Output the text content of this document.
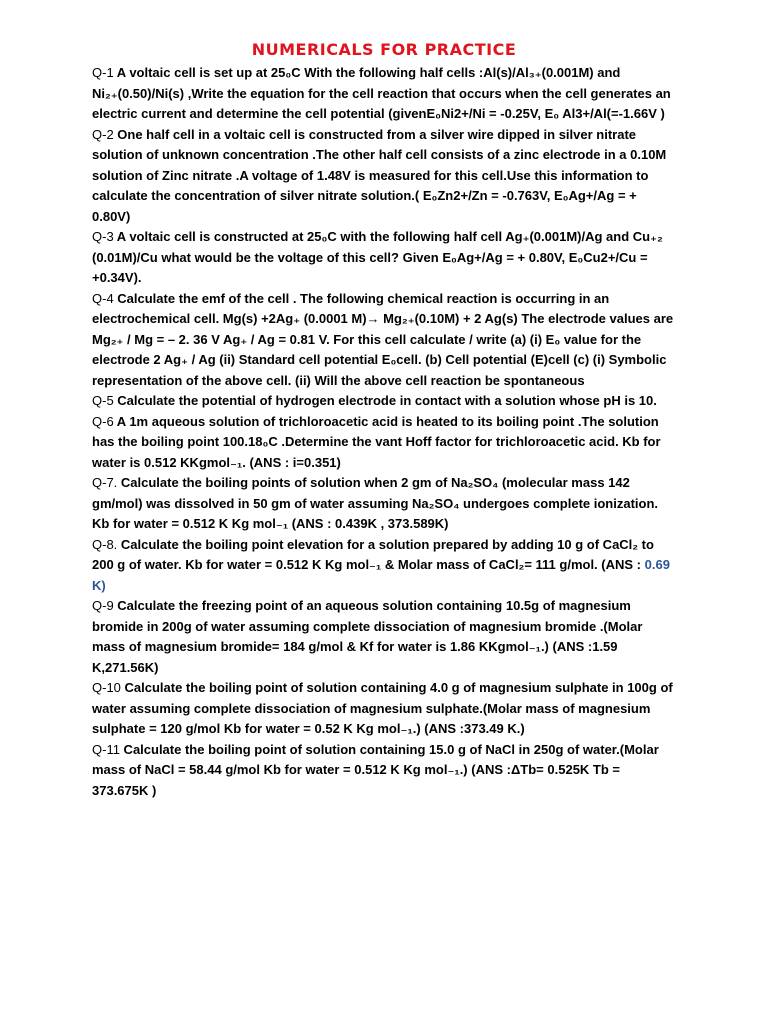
NUMERICALS FOR PRACTICE

Q-1 A voltaic cell is set up at 25₀C With the following half cells :Al(s)/Al₃₊(0.001M) and Ni₂₊(0.50)/Ni(s) ,Write the equation for the cell reaction that occurs when the cell generates an electric current and determine the cell potential (givenE₀Ni2+/Ni = -0.25V, E₀ Al3+/Al(=-1.66V )

Q-2 One half cell in a voltaic cell is constructed from a silver wire dipped in silver nitrate solution of unknown concentration .The other half cell consists of a zinc electrode in a 0.10M solution of Zinc nitrate .A voltage of 1.48V is measured for this cell.Use this information to calculate the concentration of silver nitrate solution.( E₀Zn2+/Zn = -0.763V, E₀Ag+/Ag = + 0.80V)

Q-3 A voltaic cell is constructed at 25₀C with the following half cell Ag₊(0.001M)/Ag and Cu₊₂ (0.01M)/Cu what would be the voltage of this cell? Given E₀Ag+/Ag = + 0.80V, E₀Cu2+/Cu = +0.34V).

Q-4 Calculate the emf of the cell . The following chemical reaction is occurring in an electrochemical cell. Mg(s) +2Ag₊ (0.0001 M)→ Mg₂₊(0.10M) + 2 Ag(s) The electrode values are Mg₂₊ / Mg = – 2. 36 V Ag₊ / Ag = 0.81 V. For this cell calculate / write (a) (i) E₀ value for the electrode 2 Ag₊ / Ag (ii) Standard cell potential E₀cell. (b) Cell potential (E)cell (c) (i) Symbolic representation of the above cell. (ii) Will the above cell reaction be spontaneous

Q-5 Calculate the potential of hydrogen electrode in contact with a solution whose pH is 10.

Q-6 A 1m aqueous solution of trichloroacetic acid is heated to its boiling point .The solution has the boiling point 100.18₀C .Determine the vant Hoff factor for trichloroacetic acid. Kb for water is 0.512 KKgmol₋₁. (ANS : i=0.351)

Q-7. Calculate the boiling points of solution when 2 gm of Na₂SO₄ (molecular mass 142 gm/mol) was dissolved in 50 gm of water assuming Na₂SO₄ undergoes complete ionization. Kb for water = 0.512 K Kg mol₋₁ (ANS : 0.439K , 373.589K)

Q-8. Calculate the boiling point elevation for a solution prepared by adding 10 g of CaCl₂ to 200 g of water. Kb for water = 0.512 K Kg mol₋₁ & Molar mass of CaCl₂= 111 g/mol. (ANS : 0.69 K)

Q-9 Calculate the freezing point of an aqueous solution containing 10.5g of magnesium bromide in 200g of water assuming complete dissociation of magnesium bromide .(Molar mass of magnesium bromide= 184 g/mol & Kf for water is 1.86 KKgmol₋₁.) (ANS :1.59 K,271.56K)

Q-10 Calculate the boiling point of solution containing 4.0 g of magnesium sulphate in 100g of water assuming complete dissociation of magnesium sulphate.(Molar mass of magnesium sulphate = 120 g/mol Kb for water = 0.52 K Kg mol₋₁.) (ANS :373.49 K.)

Q-11 Calculate the boiling point of solution containing 15.0 g of NaCl in 250g of water.(Molar mass of NaCl = 58.44 g/mol Kb for water = 0.512 K Kg mol₋₁.) (ANS :ΔTb= 0.525K Tb = 373.675K )
